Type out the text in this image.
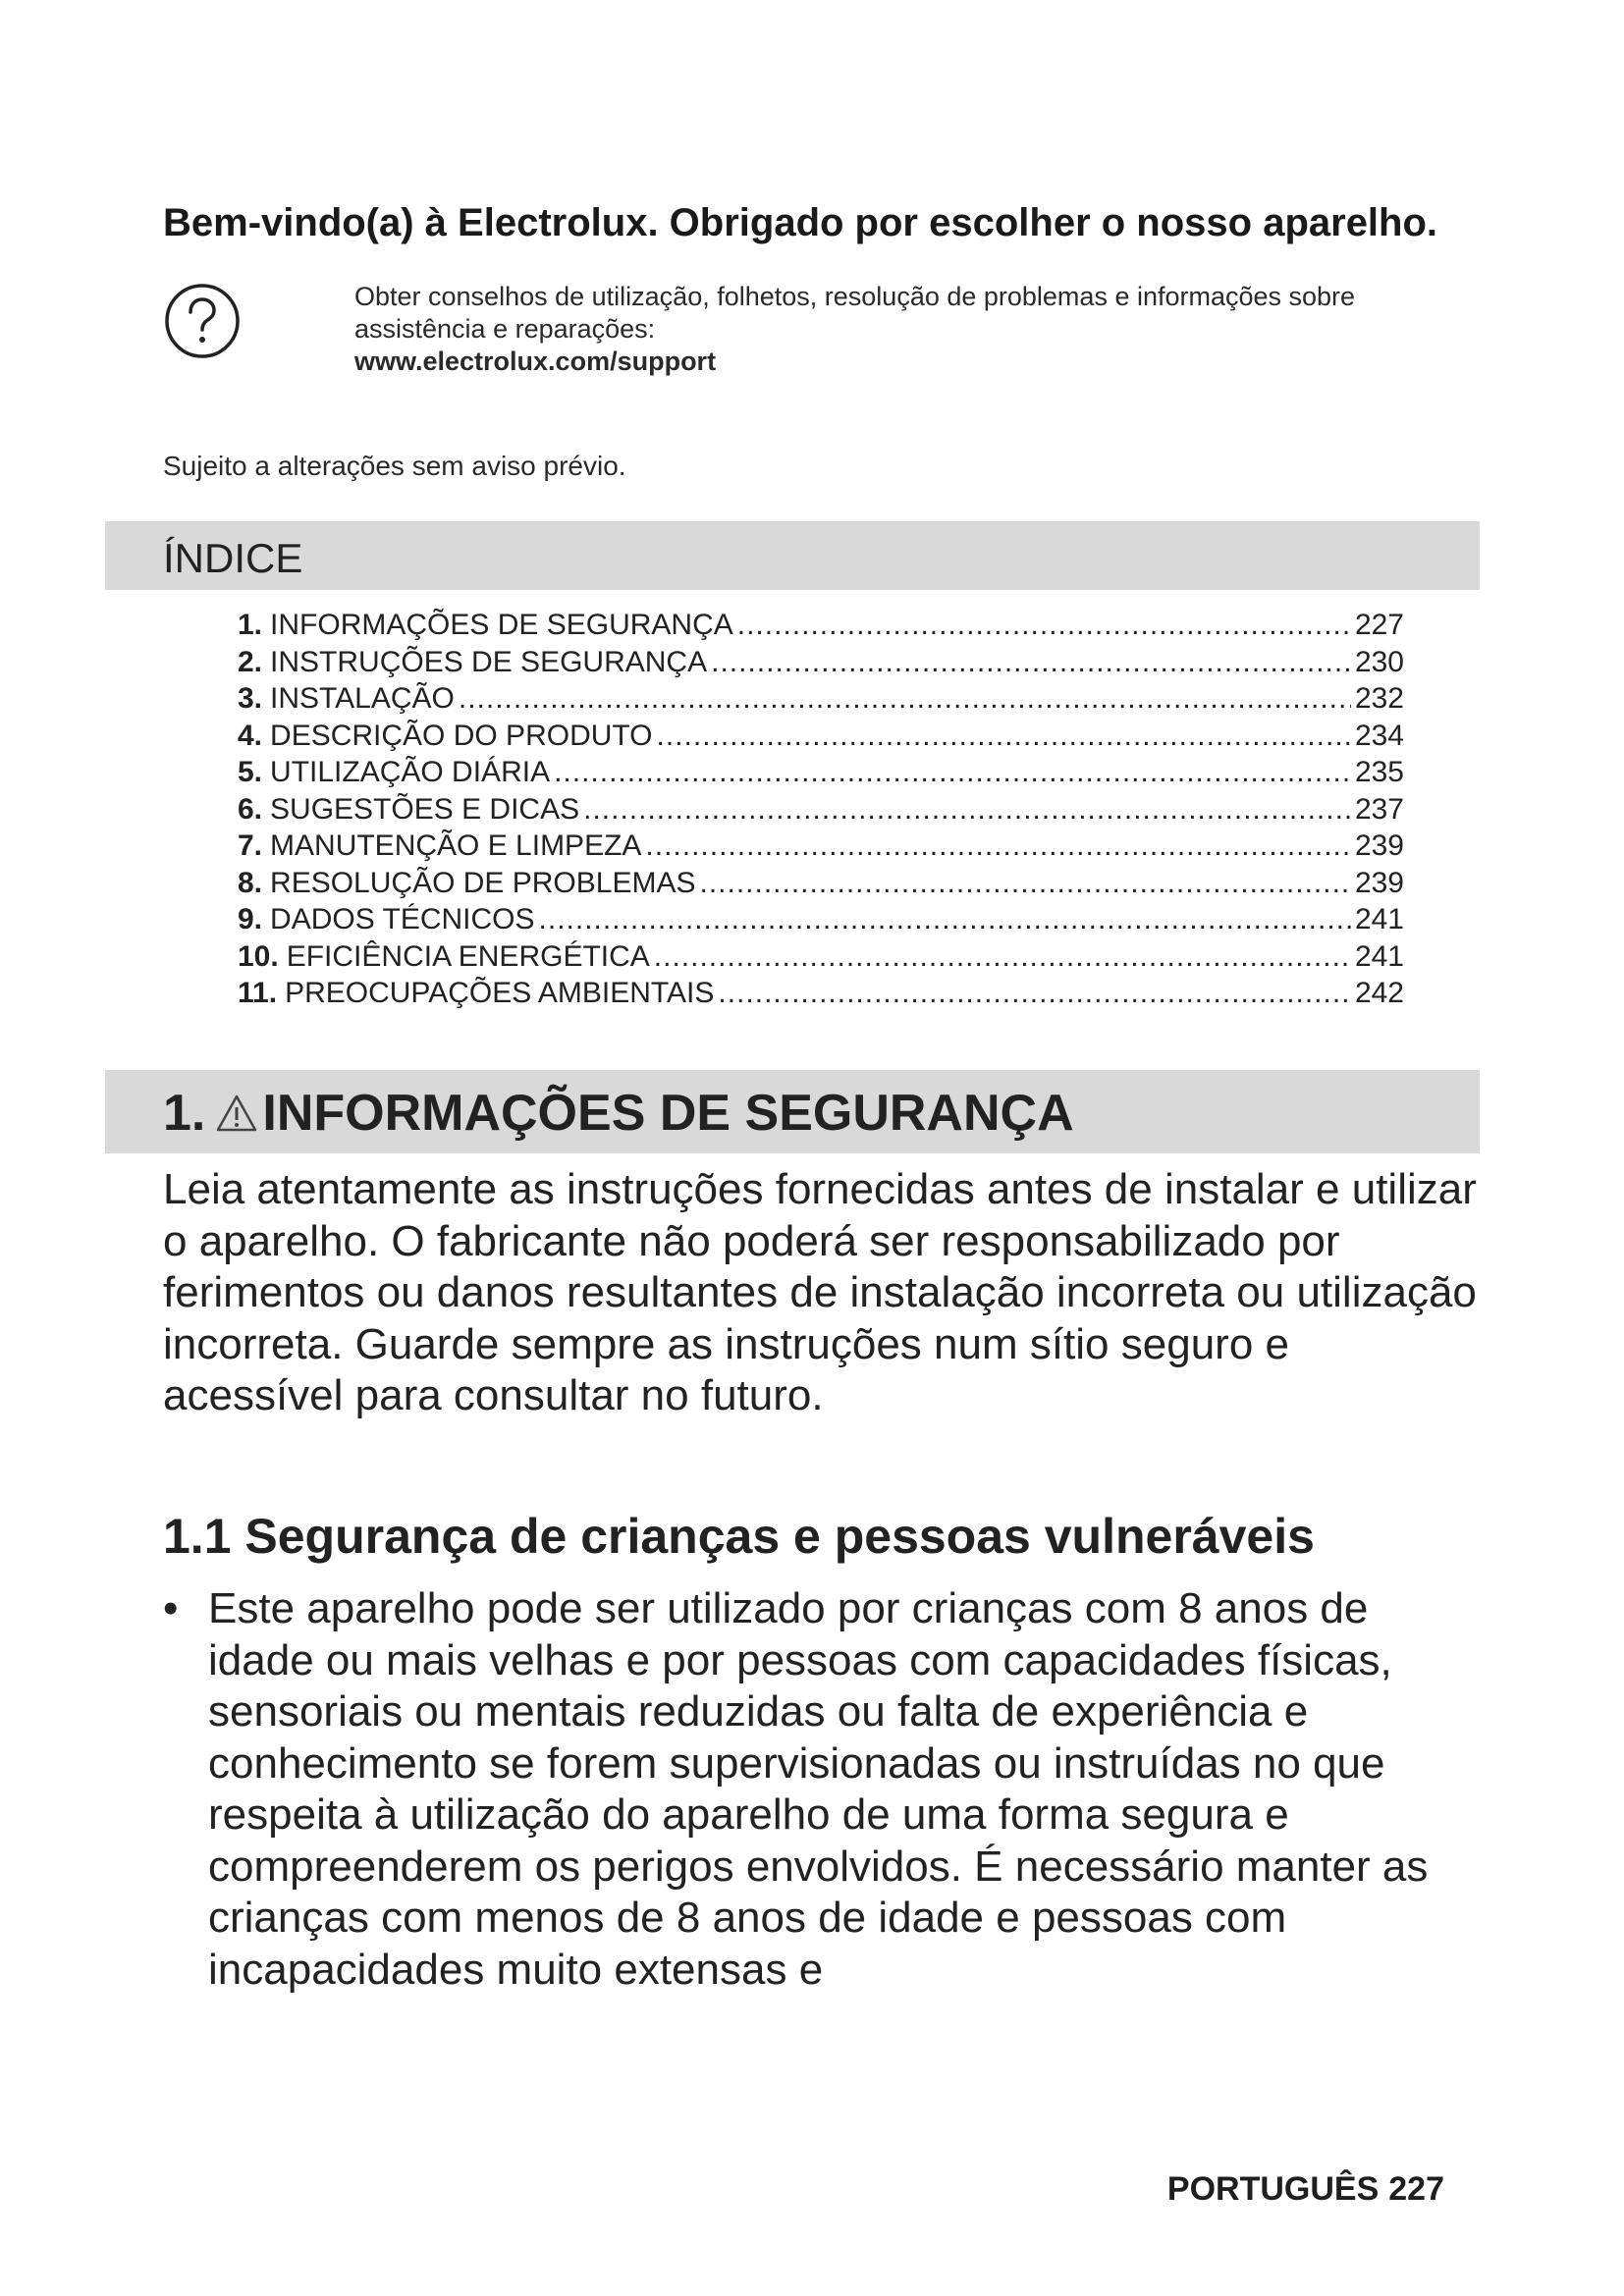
Bem-vindo(a) à Electrolux. Obrigado por escolher o nosso aparelho.
Obter conselhos de utilização, folhetos, resolução de problemas e informações sobre assistência e reparações:
www.electrolux.com/support
Sujeito a alterações sem aviso prévio.
ÍNDICE
1. INFORMAÇÕES DE SEGURANÇA .....	227
2. INSTRUÇÕES DE SEGURANÇA .....	230
3. INSTALAÇÃO .....	232
4. DESCRIÇÃO DO PRODUTO .....	234
5. UTILIZAÇÃO DIÁRIA .....	235
6. SUGESTÕES E DICAS .....	237
7. MANUTENÇÃO E LIMPEZA .....	239
8. RESOLUÇÃO DE PROBLEMAS .....	239
9. DADOS TÉCNICOS .....	241
10. EFICIÊNCIA ENERGÉTICA .....	241
11. PREOCUPAÇÕES AMBIENTAIS .....	242
1. INFORMAÇÕES DE SEGURANÇA
Leia atentamente as instruções fornecidas antes de instalar e utilizar o aparelho. O fabricante não poderá ser responsabilizado por ferimentos ou danos resultantes de instalação incorreta ou utilização incorreta. Guarde sempre as instruções num sítio seguro e acessível para consultar no futuro.
1.1 Segurança de crianças e pessoas vulneráveis
• Este aparelho pode ser utilizado por crianças com 8 anos de idade ou mais velhas e por pessoas com capacidades físicas, sensoriais ou mentais reduzidas ou falta de experiência e conhecimento se forem supervisionadas ou instruídas no que respeita à utilização do aparelho de uma forma segura e compreenderem os perigos envolvidos. É necessário manter as crianças com menos de 8 anos de idade e pessoas com incapacidades muito extensas e
PORTUGUÊS 227
